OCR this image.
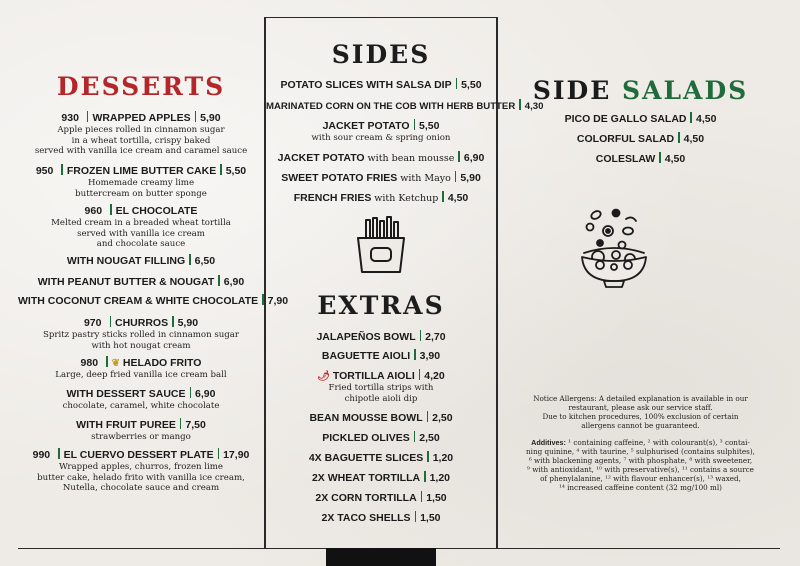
DESSERTS
930 WRAPPED APPLES 5,90
Apple pieces rolled in cinnamon sugar
in a wheat tortilla, crispy baked
served with vanilla ice cream and caramel sauce
950 FROZEN LIME BUTTER CAKE 5,50
Homemade creamy lime
buttercream on butter sponge
960 EL CHOCOLATE
Melted cream in a breaded wheat tortilla
served with vanilla ice cream
and chocolate sauce
WITH NOUGAT FILLING 6,50
WITH PEANUT BUTTER & NOUGAT 6,90
WITH COCONUT CREAM & WHITE CHOCOLATE 7,90
970 CHURROS 5,90
Spritz pastry sticks rolled in cinnamon sugar
with hot nougat cream
980 ❦ HELADO FRITO
Large, deep fried vanilla ice cream ball
WITH DESSERT SAUCE 6,90
chocolate, caramel, white chocolate
WITH FRUIT PUREE 7,50
strawberries or mango
990 EL CUERVO DESSERT PLATE 17,90
Wrapped apples, churros, frozen lime
butter cake, helado frito with vanilla ice cream,
Nutella, chocolate sauce and cream
SIDES
POTATO SLICES WITH SALSA DIP 5,50
MARINATED CORN ON THE COB WITH HERB BUTTER 4,30
JACKET POTATO 5,50
with sour cream & spring onion
JACKET POTATO with bean mousse 6,90
SWEET POTATO FRIES with Mayo 5,90
FRENCH FRIES with Ketchup 4,50
EXTRAS
JALAPEÑOS BOWL 2,70
BAGUETTE AIOLI 3,90
🌶 TORTILLA AIOLI 4,20
Fried tortilla strips with chipotle aioli dip
BEAN MOUSSE BOWL 2,50
PICKLED OLIVES 2,50
4X BAGUETTE SLICES 1,20
2X WHEAT TORTILLA 1,20
2X CORN TORTILLA 1,50
2X TACO SHELLS 1,50
SIDE SALADS
PICO DE GALLO SALAD 4,50
COLORFUL SALAD 4,50
COLESLAW 4,50
Notice Allergens: A detailed explanation is available in our
restaurant, please ask our service staff.
Due to kitchen procedures, 100% exclusion of certain
allergens cannot be guaranteed.
Additives: ¹ containing caffeine, ² with colourant(s), ³ contai-
ning quinine, ⁴ with taurine, ⁵ sulphurised (contains sulphites),
⁶ with blackening agents, ⁷ with phosphate, ⁸ with sweetener,
⁹ with antioxidant, ¹⁰ with preservative(s), ¹¹ contains a source
of phenylalanine, ¹² with flavour enhancer(s), ¹³ waxed,
¹⁴ increased caffeine content (32 mg/100 ml)
